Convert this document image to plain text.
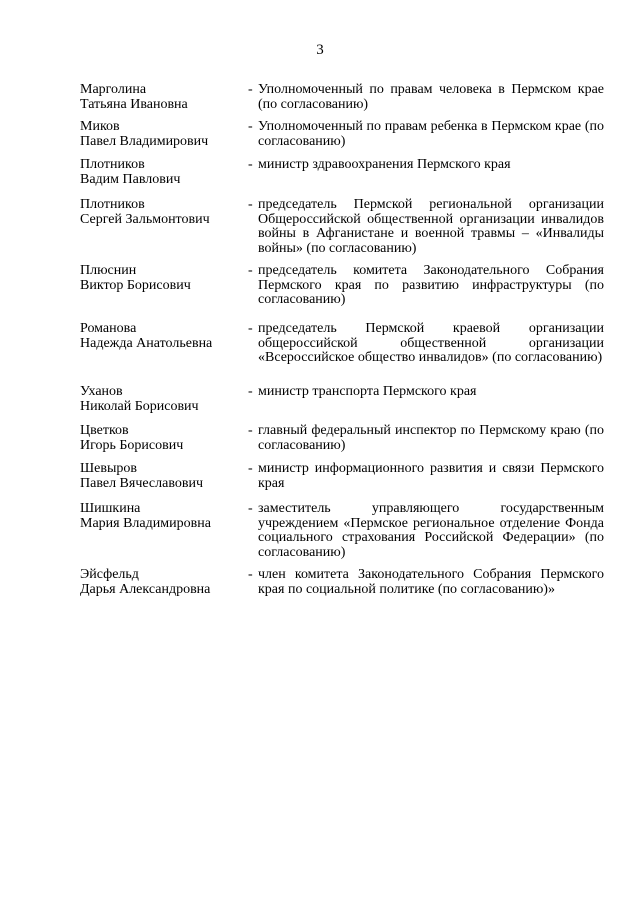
3
Марголина
Татьяна Ивановна
- Уполномоченный по правам человека в Пермском крае (по согласованию)
Миков
Павел Владимирович
- Уполномоченный по правам ребенка в Пермском крае (по согласованию)
Плотников
Вадим Павлович
- министр здравоохранения Пермского края
Плотников
Сергей Зальмонтович
- председатель Пермской региональной организации Общероссийской общественной организации инвалидов войны в Афганистане и военной травмы – «Инвалиды войны» (по согласованию)
Плюснин
Виктор Борисович
- председатель комитета Законодательного Собрания Пермского края по развитию инфраструктуры (по согласованию)
Романова
Надежда Анатольевна
- председатель Пермской краевой организации общероссийской общественной организации «Всероссийское общество инвалидов» (по согласованию)
Уханов
Николай Борисович
- министр транспорта Пермского края
Цветков
Игорь Борисович
- главный федеральный инспектор по Пермскому краю (по согласованию)
Шевыров
Павел Вячеславович
- министр информационного развития и связи Пермского края
Шишкина
Мария Владимировна
- заместитель управляющего государственным учреждением «Пермское региональное отделение Фонда социального страхования Российской Федерации» (по согласованию)
Эйсфельд
Дарья Александровна
- член комитета Законодательного Собрания Пермского края по социальной политике (по согласованию)»
